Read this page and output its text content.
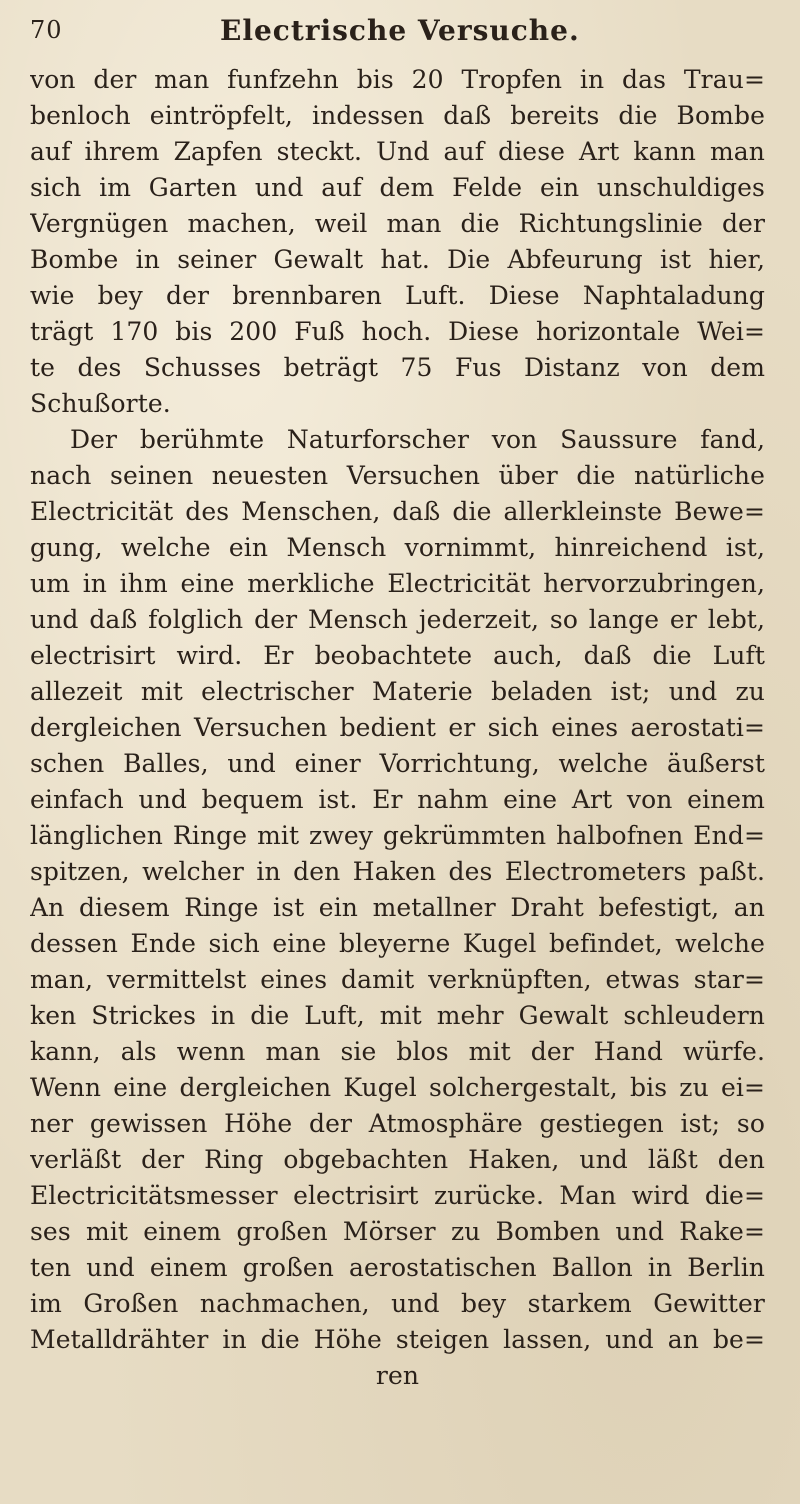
70	Electrische Versuche.
von der man funfzehn bis 20 Tropfen in das Trau=
benloch eintröpfelt, indessen daß bereits die Bombe
auf ihrem Zapfen steckt. Und auf diese Art kann man
sich im Garten und auf dem Felde ein unschuldiges
Vergnügen machen, weil man die Richtungslinie der
Bombe in seiner Gewalt hat. Die Abfeurung ist hier,
wie bey der brennbaren Luft. Diese Naphtaladung
trägt 170 bis 200 Fuß hoch. Diese horizontale Wei=
te des Schusses beträgt 75 Fus Distanz von dem
Schußorte.
Der berühmte Naturforscher von Saussure fand,
nach seinen neuesten Versuchen über die natürliche
Electricität des Menschen, daß die allerkleinste Bewe=
gung, welche ein Mensch vornimmt, hinreichend ist,
um in ihm eine merkliche Electricität hervorzubringen,
und daß folglich der Mensch jederzeit, so lange er lebt,
electrisirt wird. Er beobachtete auch, daß die Luft
allezeit mit electrischer Materie beladen ist; und zu
dergleichen Versuchen bedient er sich eines aerostati=
schen Balles, und einer Vorrichtung, welche äußerst
einfach und bequem ist. Er nahm eine Art von einem
länglichen Ringe mit zwey gekrümmten halbofnen End=
spitzen, welcher in den Haken des Electrometers paßt.
An diesem Ringe ist ein metallner Draht befestigt, an
dessen Ende sich eine bleyerne Kugel befindet, welche
man, vermittelst eines damit verknüpften, etwas star=
ken Strickes in die Luft, mit mehr Gewalt schleudern
kann, als wenn man sie blos mit der Hand würfe.
Wenn eine dergleichen Kugel solchergestalt, bis zu ei=
ner gewissen Höhe der Atmosphäre gestiegen ist; so
verläßt der Ring obgebachten Haken, und läßt den
Electricitätsmesser electrisirt zurücke. Man wird die=
ses mit einem großen Mörser zu Bomben und Rake=
ten und einem großen aerostatischen Ballon in Berlin
im Großen nachmachen, und bey starkem Gewitter
Metalldrähter in die Höhe steigen lassen, und an be=
ren
